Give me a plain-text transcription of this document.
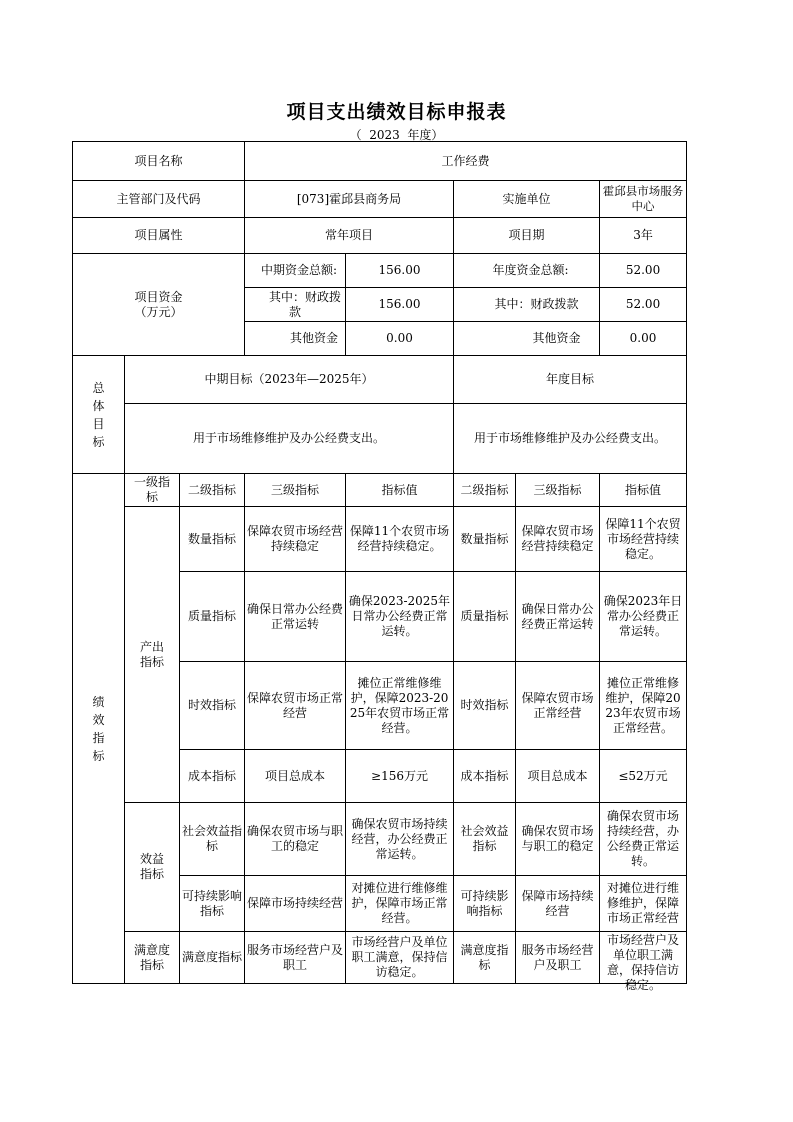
项目支出绩效目标申报表
（  2023  年度）
项目名称			工作经费				
主管部门及代码			[073]霍邱县商务局		实施单位		霍邱县市场服务中心
项目属性			常年项目		项目期		3年
项目资金
（万元）			中期资金总额:	156.00	年度资金总额:		52.00
			其中：财政拨款	156.00	其中：财政拨款		52.00
			其他资金	0.00	其他资金		0.00
总体目标	中期目标（2023年—2025年）				年度目标		
	用于市场维修维护及办公经费支出。				用于市场维修维护及办公经费支出。		
绩效指标	一级指标	二级指标	三级指标	指标值	二级指标	三级指标	指标值
	产出指标	数量指标	保障农贸市场经营持续稳定	保障11个农贸市场经营持续稳定。	数量指标	保障农贸市场经营持续稳定	保障11个农贸市场经营持续稳定。
		质量指标	确保日常办公经费正常运转	确保2023-2025年日常办公经费正常运转。	质量指标	确保日常办公经费正常运转	确保2023年日常办公经费正常运转。
		时效指标	保障农贸市场正常经营	摊位正常维修维护，保障2023-2025年农贸市场正常经营。	时效指标	保障农贸市场正常经营	摊位正常维修维护，保障2023年农贸市场正常经营。
		成本指标	项目总成本	≥156万元	成本指标	项目总成本	≤52万元
	效益指标	社会效益指标	确保农贸市场与职工的稳定	确保农贸市场持续经营，办公经费正常运转。	社会效益指标	确保农贸市场与职工的稳定	确保农贸市场持续经营，办公经费正常运转。
		可持续影响指标	保障市场持续经营	对摊位进行维修维护，保障市场正常经营。	可持续影响指标	保障市场持续经营	对摊位进行维修维护，保障市场正常经营
	满意度指标	满意度指标	服务市场经营户及职工	市场经营户及单位职工满意，保持信访稳定。	满意度指标	服务市场经营户及职工	市场经营户及单位职工满意，保持信访稳定。
